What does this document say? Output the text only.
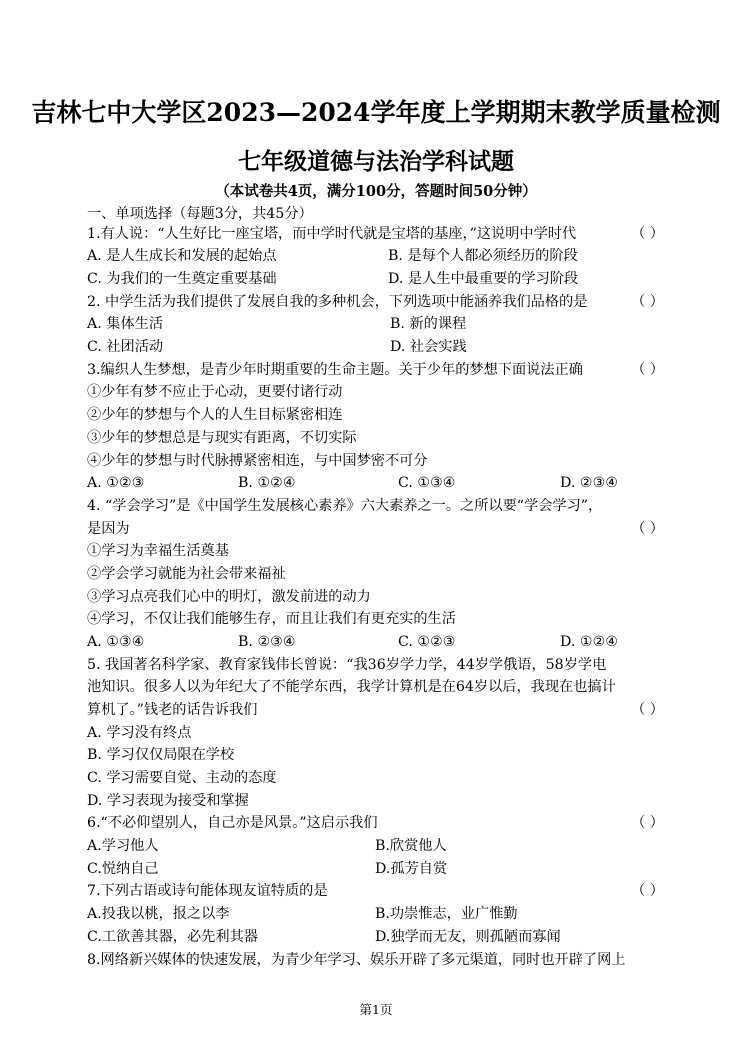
吉林七中大学区2023—2024学年度上学期期末教学质量检测
七年级道德与法治学科试题
（本试卷共4页，满分100分，答题时间50分钟）
一、单项选择（每题3分，共45分）
1.有人说：“人生好比一座宝塔，而中学时代就是宝塔的基座，”这说明中学时代	（ ）
A. 是人生成长和发展的起始点	B. 是每个人都必须经历的阶段
C. 为我们的一生奠定重要基础	D. 是人生中最重要的学习阶段
2. 中学生活为我们提供了发展自我的多种机会，下列选项中能涵养我们品格的是	（ ）
A. 集体生活	B. 新的课程
C. 社团活动	D. 社会实践
3.编织人生梦想，是青少年时期重要的生命主题。关于少年的梦想下面说法正确	（ ）
①少年有梦不应止于心动，更要付诸行动
②少年的梦想与个人的人生目标紧密相连
③少年的梦想总是与现实有距离，不切实际
④少年的梦想与时代脉搏紧密相连，与中国梦密不可分
A. ①②③	B. ①②④	C. ①③④	D. ②③④
4. “学会学习”是《中国学生发展核心素养》六大素养之一。之所以要“学会学习”，
是因为	（ ）
①学习为幸福生活奠基
②学会学习就能为社会带来福祉
③学习点亮我们心中的明灯，激发前进的动力
④学习，不仅让我们能够生存，而且让我们有更充实的生活
A. ①③④	B. ②③④	C. ①②③	D. ①②④
5. 我国著名科学家、教育家钱伟长曾说：“我36岁学力学，44岁学俄语，58岁学电
池知识。很多人以为年纪大了不能学东西，我学计算机是在64岁以后，我现在也搞计
算机了。”钱老的话告诉我们	（ ）
A. 学习没有终点
B. 学习仅仅局限在学校
C. 学习需要自觉、主动的态度
D. 学习表现为接受和掌握
6.“不必仰望别人，自己亦是风景。”这启示我们	（ ）
A.学习他人	B.欣赏他人
C.悦纳自己	D.孤芳自赏
7.下列古语或诗句能体现友谊特质的是	（ ）
A.投我以桃，报之以李	B.功崇惟志，业广惟勤
C.工欲善其器，必先利其器	D.独学而无友，则孤陋而寡闻
8.网络新兴媒体的快速发展，为青少年学习、娱乐开辟了多元渠道，同时也开辟了网上
第1页
